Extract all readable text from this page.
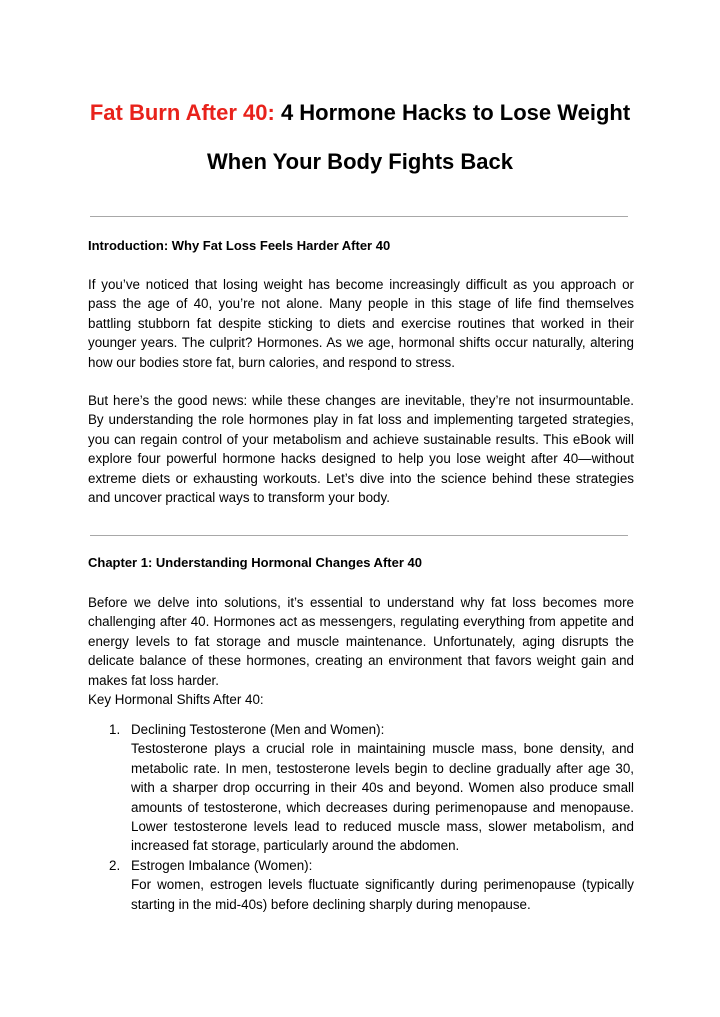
Fat Burn After 40: 4 Hormone Hacks to Lose Weight When Your Body Fights Back
Introduction: Why Fat Loss Feels Harder After 40

If you’ve noticed that losing weight has become increasingly difficult as you approach or pass the age of 40, you’re not alone. Many people in this stage of life find themselves battling stubborn fat despite sticking to diets and exercise routines that worked in their younger years. The culprit? Hormones. As we age, hormonal shifts occur naturally, altering how our bodies store fat, burn calories, and respond to stress.

But here’s the good news: while these changes are inevitable, they’re not insurmountable. By understanding the role hormones play in fat loss and implementing targeted strategies, you can regain control of your metabolism and achieve sustainable results. This eBook will explore four powerful hormone hacks designed to help you lose weight after 40—without extreme diets or exhausting workouts. Let’s dive into the science behind these strategies and uncover practical ways to transform your body.

Chapter 1: Understanding Hormonal Changes After 40

Before we delve into solutions, it’s essential to understand why fat loss becomes more challenging after 40. Hormones act as messengers, regulating everything from appetite and energy levels to fat storage and muscle maintenance. Unfortunately, aging disrupts the delicate balance of these hormones, creating an environment that favors weight gain and makes fat loss harder.

Key Hormonal Shifts After 40:

1. Declining Testosterone (Men and Women):
Testosterone plays a crucial role in maintaining muscle mass, bone density, and metabolic rate. In men, testosterone levels begin to decline gradually after age 30, with a sharper drop occurring in their 40s and beyond. Women also produce small amounts of testosterone, which decreases during perimenopause and menopause. Lower testosterone levels lead to reduced muscle mass, slower metabolism, and increased fat storage, particularly around the abdomen.
2. Estrogen Imbalance (Women):
For women, estrogen levels fluctuate significantly during perimenopause (typically starting in the mid-40s) before declining sharply during menopause.
